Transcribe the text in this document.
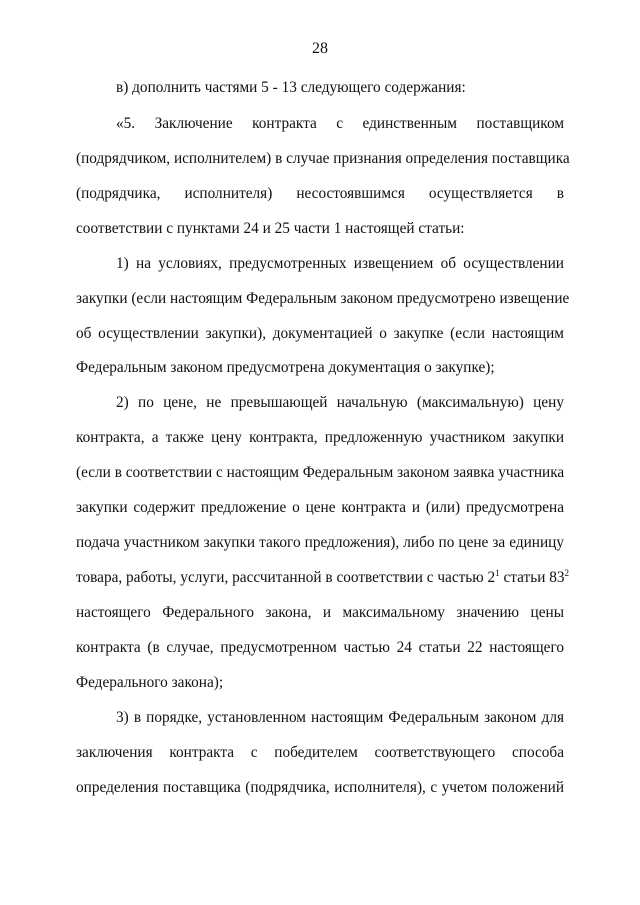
28
в) дополнить частями 5 - 13 следующего содержания:
«5. Заключение контракта с единственным поставщиком
(подрядчиком, исполнителем) в случае признания определения поставщика
(подрядчика, исполнителя) несостоявшимся осуществляется в
соответствии с пунктами 24 и 25 части 1 настоящей статьи:
1) на условиях, предусмотренных извещением об осуществлении
закупки (если настоящим Федеральным законом предусмотрено извещение
об осуществлении закупки), документацией о закупке (если настоящим
Федеральным законом предусмотрена документация о закупке);
2) по цене, не превышающей начальную (максимальную) цену
контракта, а также цену контракта, предложенную участником закупки
(если в соответствии с настоящим Федеральным законом заявка участника
закупки содержит предложение о цене контракта и (или) предусмотрена
подача участником закупки такого предложения), либо по цене за единицу
товара, работы, услуги, рассчитанной в соответствии с частью $2^1$ статьи $83^2$
настоящего Федерального закона, и максимальному значению цены
контракта (в случае, предусмотренном частью 24 статьи 22 настоящего
Федерального закона);
3) в порядке, установленном настоящим Федеральным законом для
заключения контракта с победителем соответствующего способа
определения поставщика (подрядчика, исполнителя), с учетом положений
